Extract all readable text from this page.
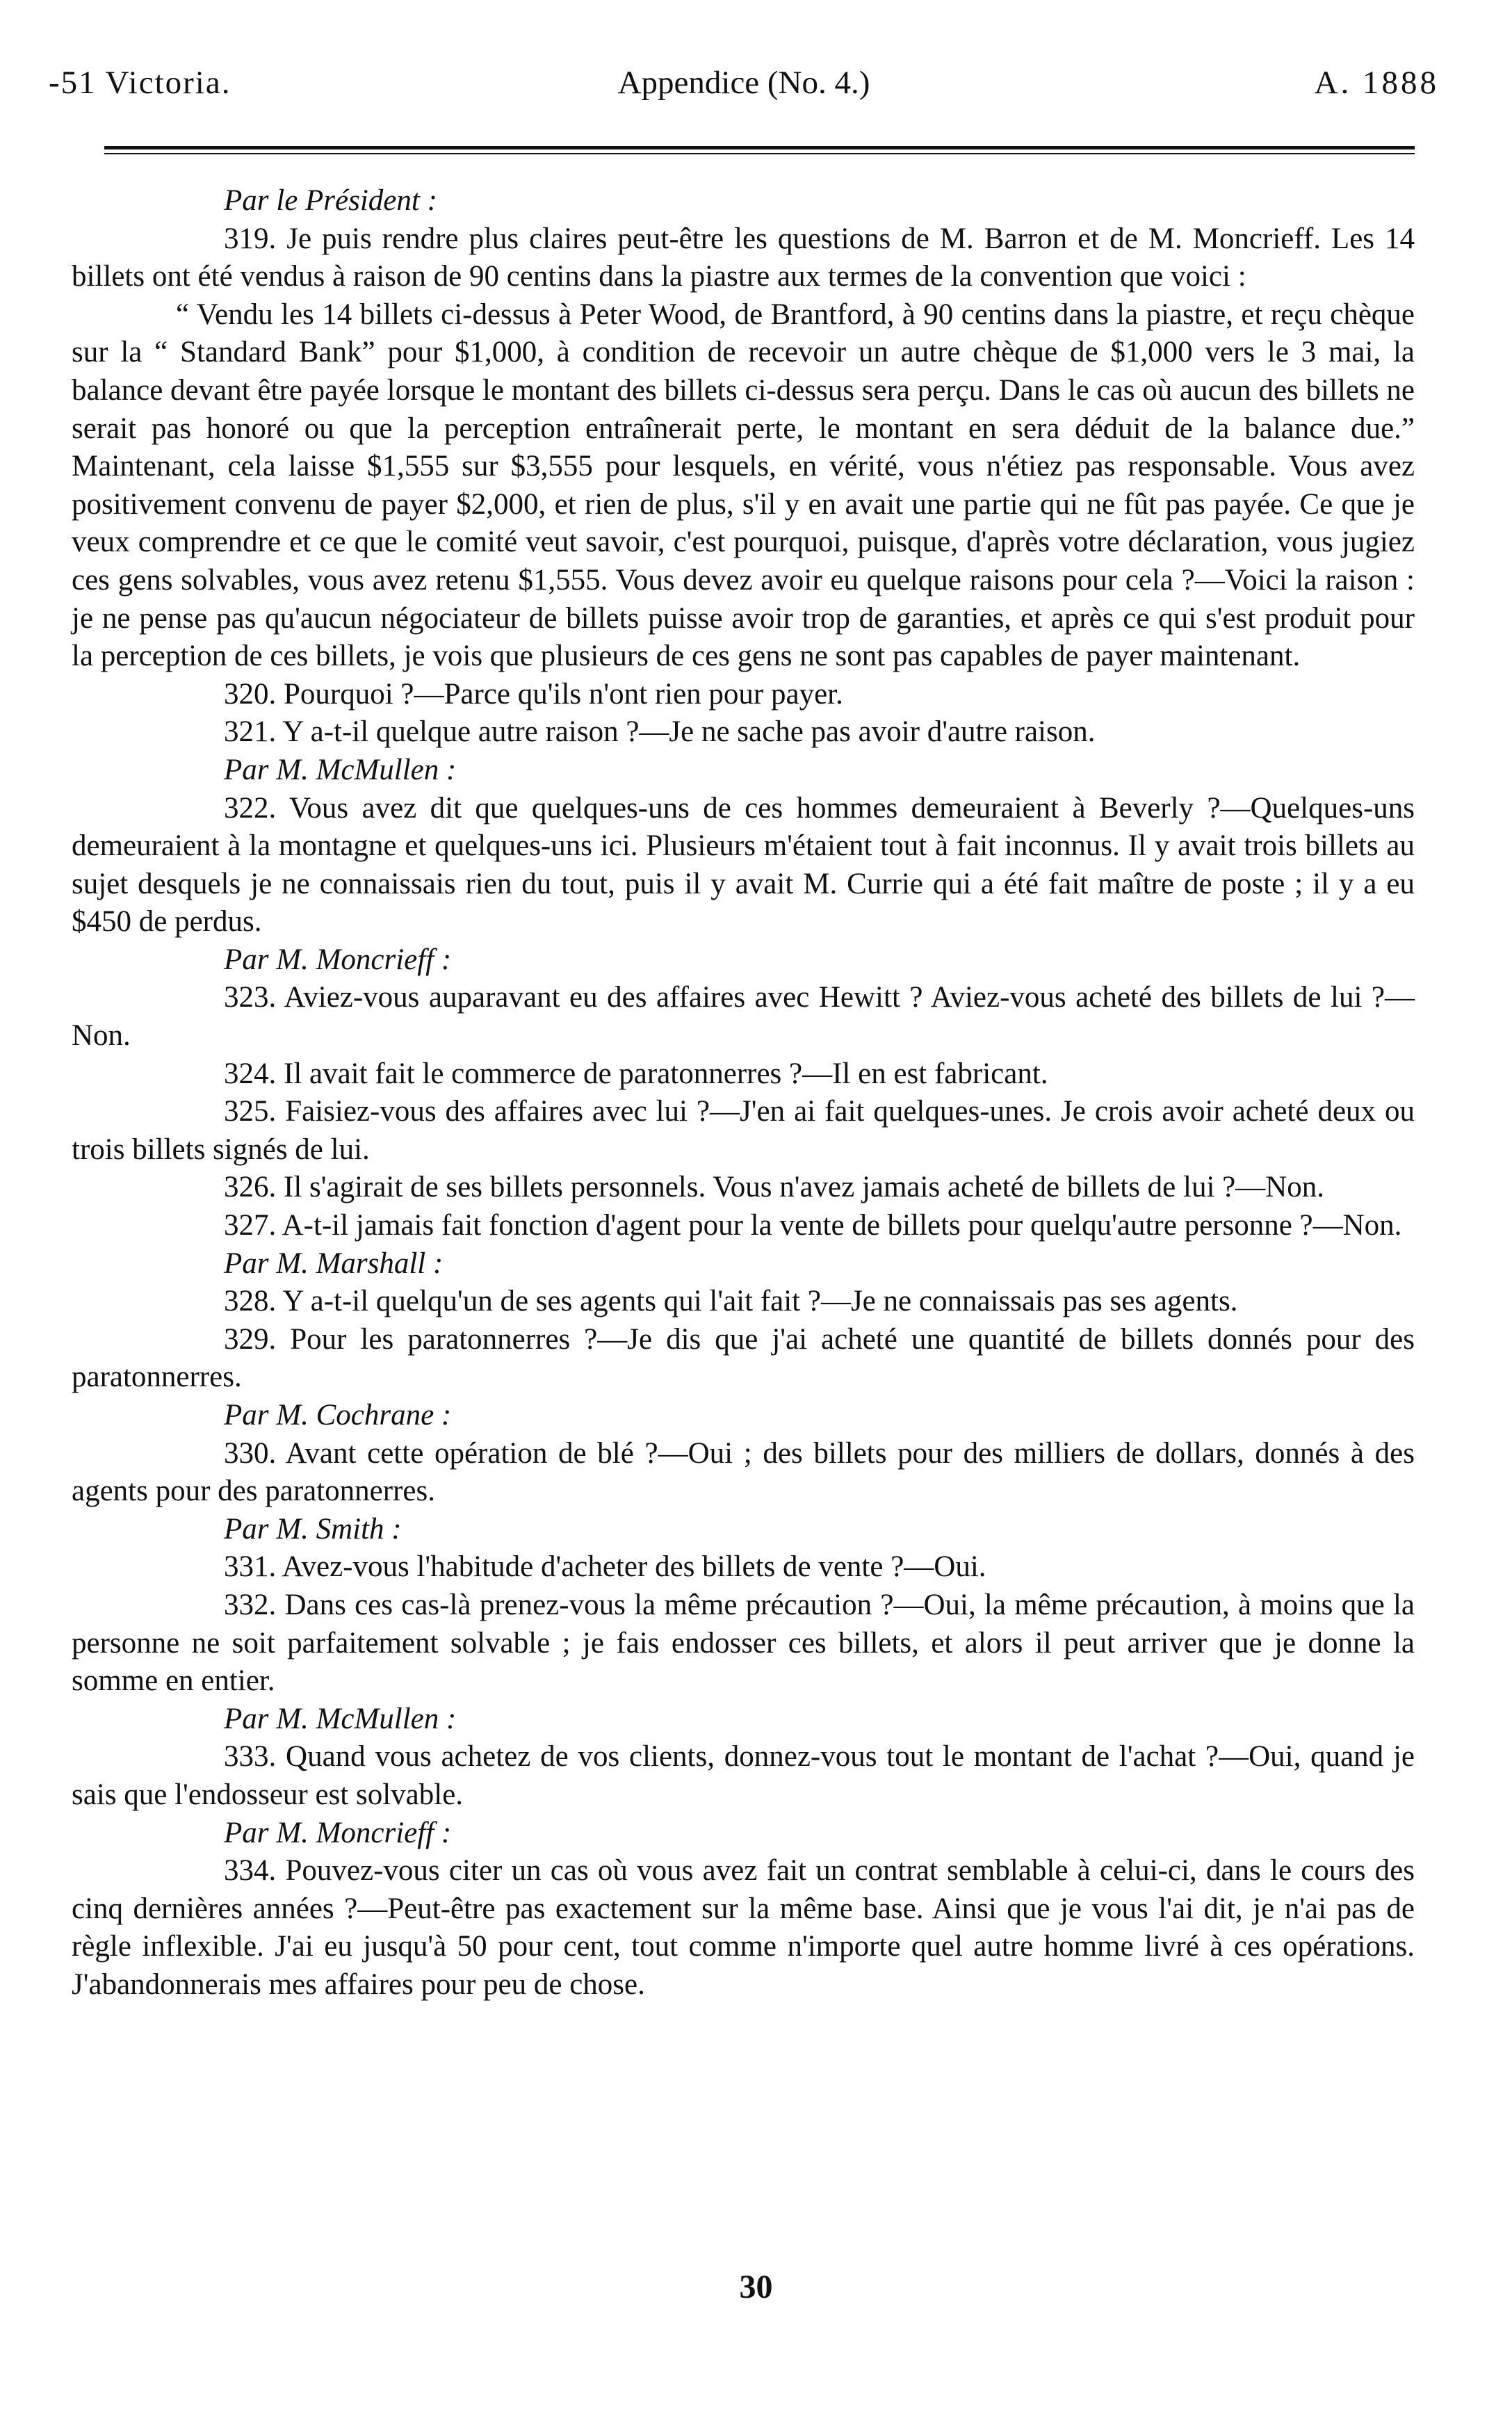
-51 Victoria.	Appendice (No. 4.)	A. 1888
Par le Président :

319. Je puis rendre plus claires peut-être les questions de M. Barron et de M. Moncrieff. Les 14 billets ont été vendus à raison de 90 centins dans la piastre aux termes de la convention que voici :

“ Vendu les 14 billets ci-dessus à Peter Wood, de Brantford, à 90 centins dans la piastre, et reçu chèque sur la “ Standard Bank” pour $1,000, à condition de recevoir un autre chèque de $1,000 vers le 3 mai, la balance devant être payée lorsque le montant des billets ci-dessus sera perçu. Dans le cas où aucun des billets ne serait pas honoré ou que la perception entraînerait perte, le montant en sera déduit de la balance due.” Maintenant, cela laisse $1,555 sur $3,555 pour lesquels, en vérité, vous n'étiez pas responsable. Vous avez positivement convenu de payer $2,000, et rien de plus, s'il y en avait une partie qui ne fût pas payée. Ce que je veux comprendre et ce que le comité veut savoir, c'est pourquoi, puisque, d'après votre déclaration, vous jugiez ces gens solvables, vous avez retenu $1,555. Vous devez avoir eu quelque raisons pour cela ?—Voici la raison : je ne pense pas qu'aucun négociateur de billets puisse avoir trop de garanties, et après ce qui s'est produit pour la perception de ces billets, je vois que plusieurs de ces gens ne sont pas capables de payer maintenant.

320. Pourquoi ?—Parce qu'ils n'ont rien pour payer.

321. Y a-t-il quelque autre raison ?—Je ne sache pas avoir d'autre raison.

Par M. McMullen :

322. Vous avez dit que quelques-uns de ces hommes demeuraient à Beverly ?—Quelques-uns demeuraient à la montagne et quelques-uns ici. Plusieurs m'étaient tout à fait inconnus. Il y avait trois billets au sujet desquels je ne connaissais rien du tout, puis il y avait M. Currie qui a été fait maître de poste ; il y a eu $450 de perdus.

Par M. Moncrieff :

323. Aviez-vous auparavant eu des affaires avec Hewitt ? Aviez-vous acheté des billets de lui ?—Non.

324. Il avait fait le commerce de paratonnerres ?—Il en est fabricant.

325. Faisiez-vous des affaires avec lui ?—J'en ai fait quelques-unes. Je crois avoir acheté deux ou trois billets signés de lui.

326. Il s'agirait de ses billets personnels. Vous n'avez jamais acheté de billets de lui ?—Non.

327. A-t-il jamais fait fonction d'agent pour la vente de billets pour quelqu'autre personne ?—Non.

Par M. Marshall :

328. Y a-t-il quelqu'un de ses agents qui l'ait fait ?—Je ne connaissais pas ses agents.

329. Pour les paratonnerres ?—Je dis que j'ai acheté une quantité de billets donnés pour des paratonnerres.

Par M. Cochrane :

330. Avant cette opération de blé ?—Oui ; des billets pour des milliers de dollars, donnés à des agents pour des paratonnerres.

Par M. Smith :

331. Avez-vous l'habitude d'acheter des billets de vente ?—Oui.

332. Dans ces cas-là prenez-vous la même précaution ?—Oui, la même précaution, à moins que la personne ne soit parfaitement solvable ; je fais endosser ces billets, et alors il peut arriver que je donne la somme en entier.

Par M. McMullen :

333. Quand vous achetez de vos clients, donnez-vous tout le montant de l'achat ?—Oui, quand je sais que l'endosseur est solvable.

Par M. Moncrieff :

334. Pouvez-vous citer un cas où vous avez fait un contrat semblable à celui-ci, dans le cours des cinq dernières années ?—Peut-être pas exactement sur la même base. Ainsi que je vous l'ai dit, je n'ai pas de règle inflexible. J'ai eu jusqu'à 50 pour cent, tout comme n'importe quel autre homme livré à ces opérations. J'abandonnerais mes affaires pour peu de chose.

30
